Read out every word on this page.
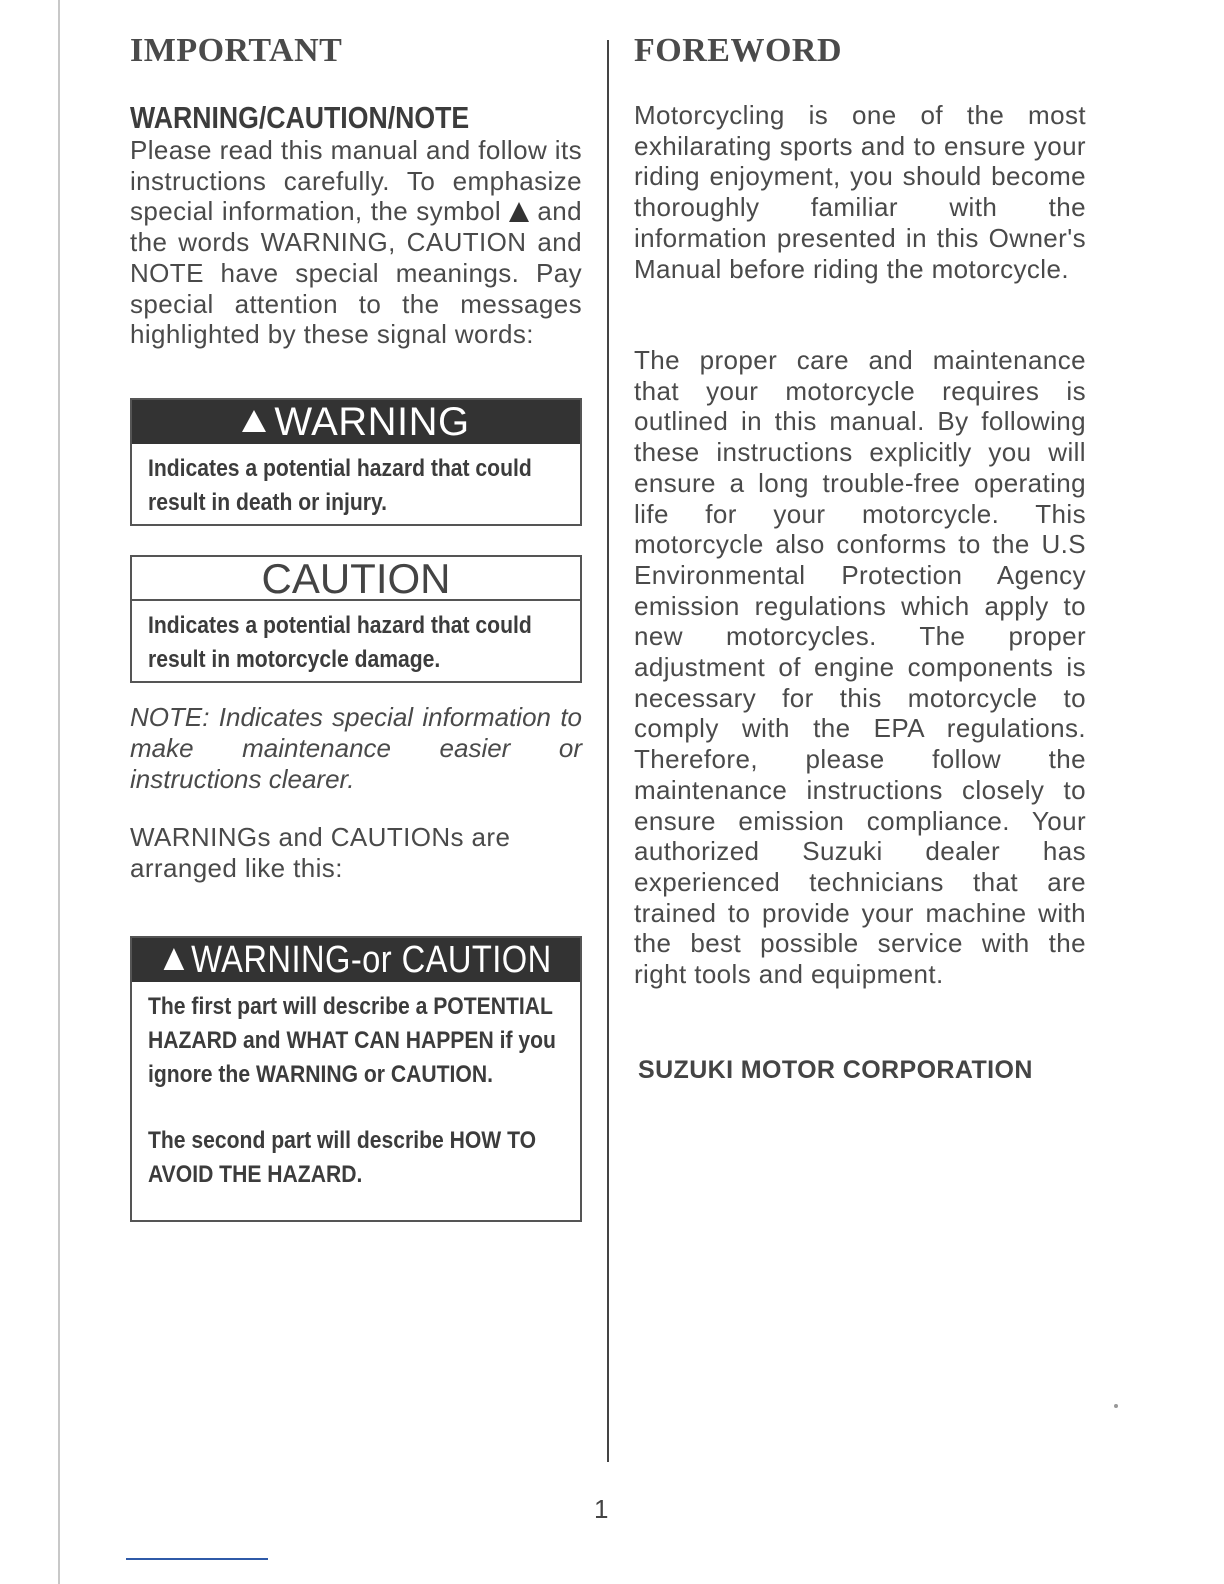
IMPORTANT
WARNING/CAUTION/NOTE

Please read this manual and follow its instructions carefully. To emphasize special information, the symbol and the words WARNING, CAUTION and NOTE have special meanings. Pay special attention to the messages highlighted by these signal words:

WARNING
Indicates a potential hazard that could result in death or injury.
CAUTION
Indicates a potential hazard that could result in motorcycle damage.

NOTE: Indicates special information to make maintenance easier or instructions clearer.

WARNINGs and CAUTIONs are arranged like this:

WARNING-or CAUTION

The first part will describe a POTENTIAL HAZARD and WHAT CAN HAPPEN if you ignore the WARNING or CAUTION.

The second part will describe HOW TO AVOID THE HAZARD.

FOREWORD

Motorcycling is one of the most exhilarating sports and to ensure your riding enjoyment, you should become thoroughly familiar with the information presented in this Owner's Manual before riding the motorcycle.

The proper care and maintenance that your motorcycle requires is outlined in this manual. By following these instructions explicitly you will ensure a long trouble-free operating life for your motorcycle. This motorcycle also conforms to the U.S Environmental Protection Agency emission regulations which apply to new motorcycles. The proper adjustment of engine components is necessary for this motorcycle to comply with the EPA regulations. Therefore, please follow the maintenance instructions closely to ensure emission compliance. Your authorized Suzuki dealer has experienced technicians that are trained to provide your machine with the best possible service with the right tools and equipment.

SUZUKI MOTOR CORPORATION

1
